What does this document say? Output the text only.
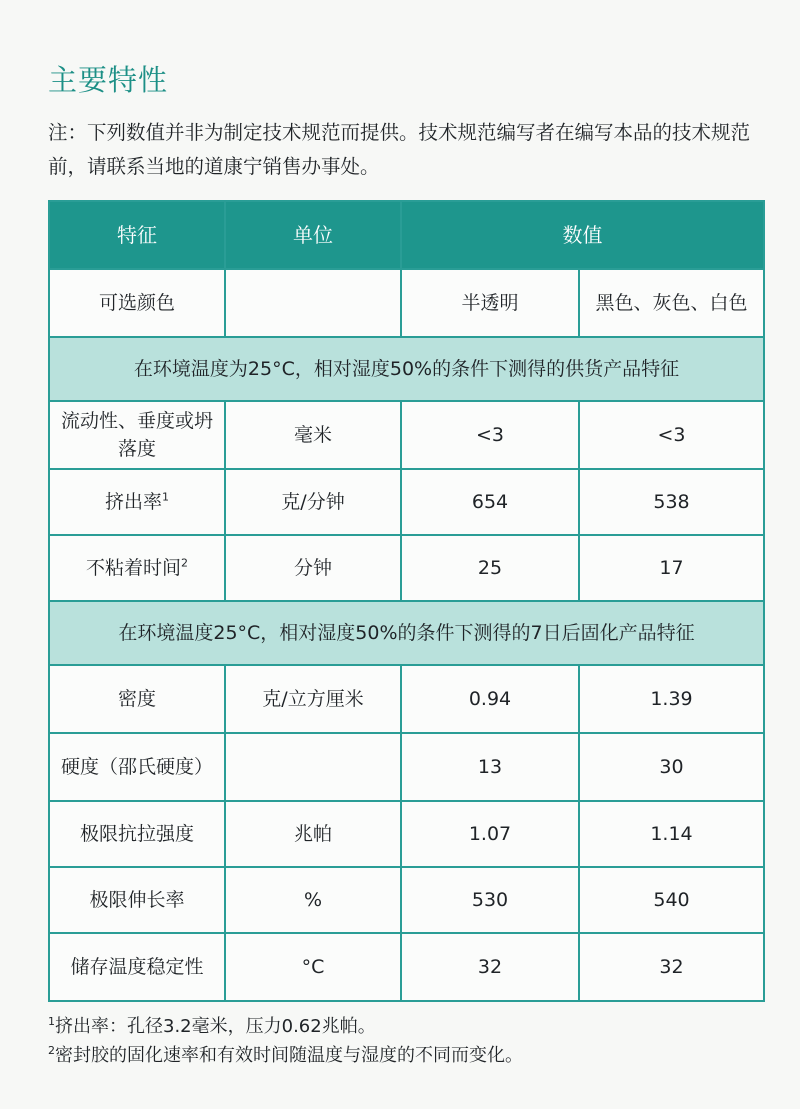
主要特性
注：下列数值并非为制定技术规范而提供。技术规范编写者在编写本品的技术规范前，请联系当地的道康宁销售办事处。
特征	单位	数值	
可选颜色		半透明	黑色、灰色、白色
在环境温度为25°C，相对湿度50%的条件下测得的供货产品特征			
流动性、垂度或坍落度	毫米	<3	<3
挤出率$^1$	克/分钟	654	538
不粘着时间$^2$	分钟	25	17
在环境温度25°C，相对湿度50%的条件下测得的7日后固化产品特征			
密度	克/立方厘米	0.94	1.39
硬度（邵氏硬度）		13	30
极限抗拉强度	兆帕	1.07	1.14
极限伸长率	%	530	540
储存温度稳定性	°C	32	32
$^1$挤出率：孔径3.2毫米，压力0.62兆帕。
$^2$密封胶的固化速率和有效时间随温度与湿度的不同而变化。
